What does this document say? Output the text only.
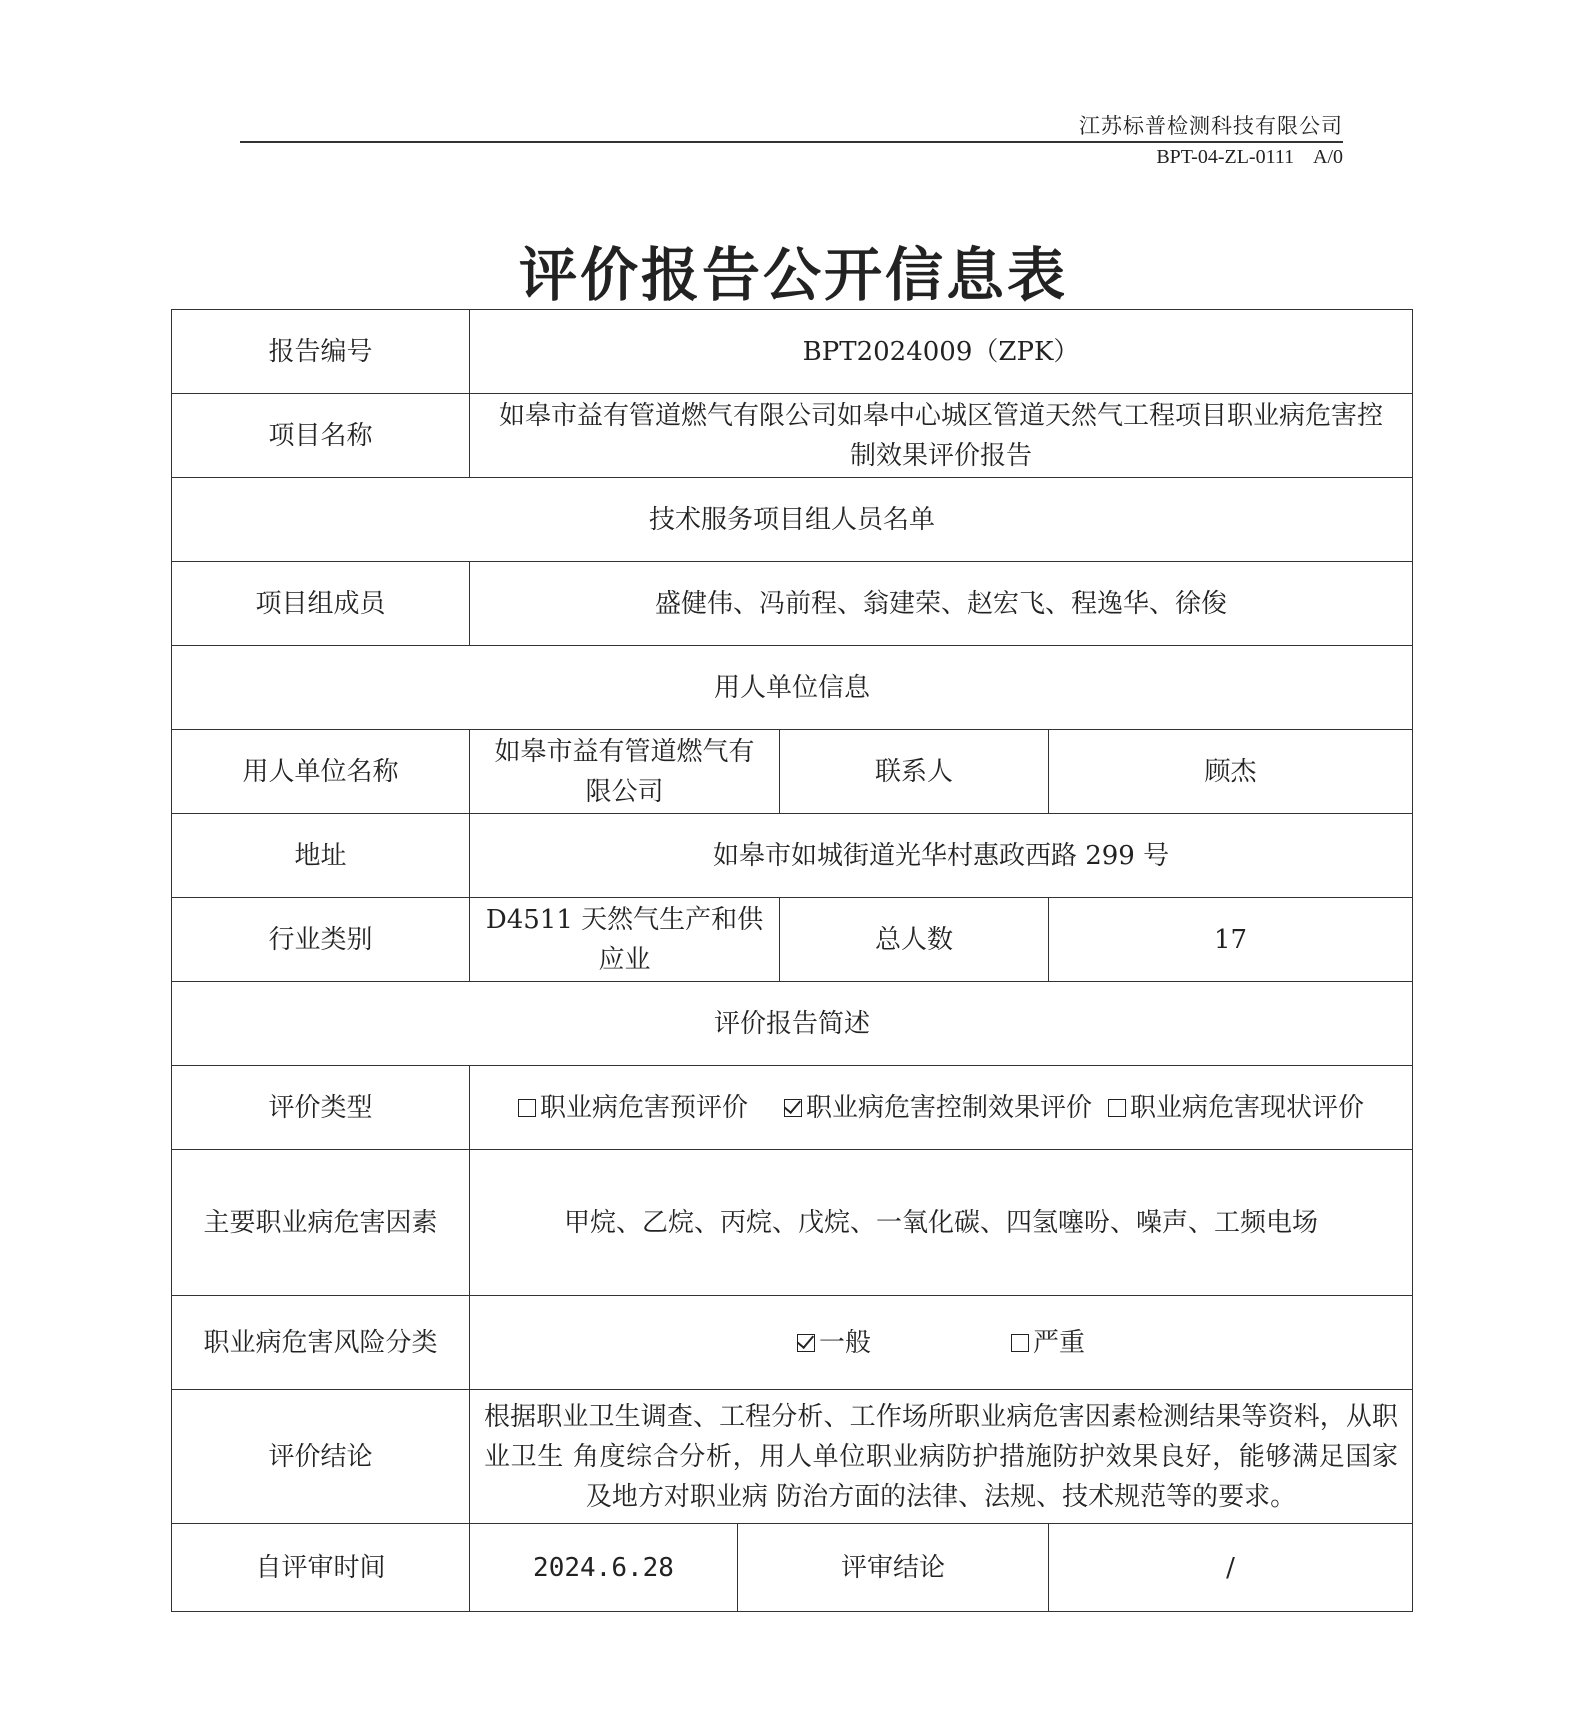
江苏标普检测科技有限公司
BPT-04-ZL-0111    A/0
评价报告公开信息表
报告编号	BPT2024009（ZPK）			
项目名称	如皋市益有管道燃气有限公司如皋中心城区管道天然气工程项目职业病危害控制效果评价报告			
技术服务项目组人员名单				
项目组成员	盛健伟、冯前程、翁建荣、赵宏飞、程逸华、徐俊			
用人单位信息				
用人单位名称	如皋市益有管道燃气有限公司		联系人	顾杰
地址	如皋市如城街道光华村惠政西路 299 号			
行业类别	D4511 天然气生产和供应业		总人数	17
评价报告简述				
评价类型	职业病危害预评价 职业病危害控制效果评价 职业病危害现状评价			

主要职业病危害因素	甲烷、乙烷、丙烷、戊烷、一氧化碳、四氢噻吩、噪声、工频电场			
职业病危害风险分类	一般 严重			

评价结论	根据职业卫生调查、工程分析、工作场所职业病危害因素检测结果等资料，从职业卫生 角度综合分析，用人单位职业病防护措施防护效果良好，能够满足国家及地方对职业病 防治方面的法律、法规、技术规范等的要求。			
自评审时间	2024.6.28	评审结论		/
